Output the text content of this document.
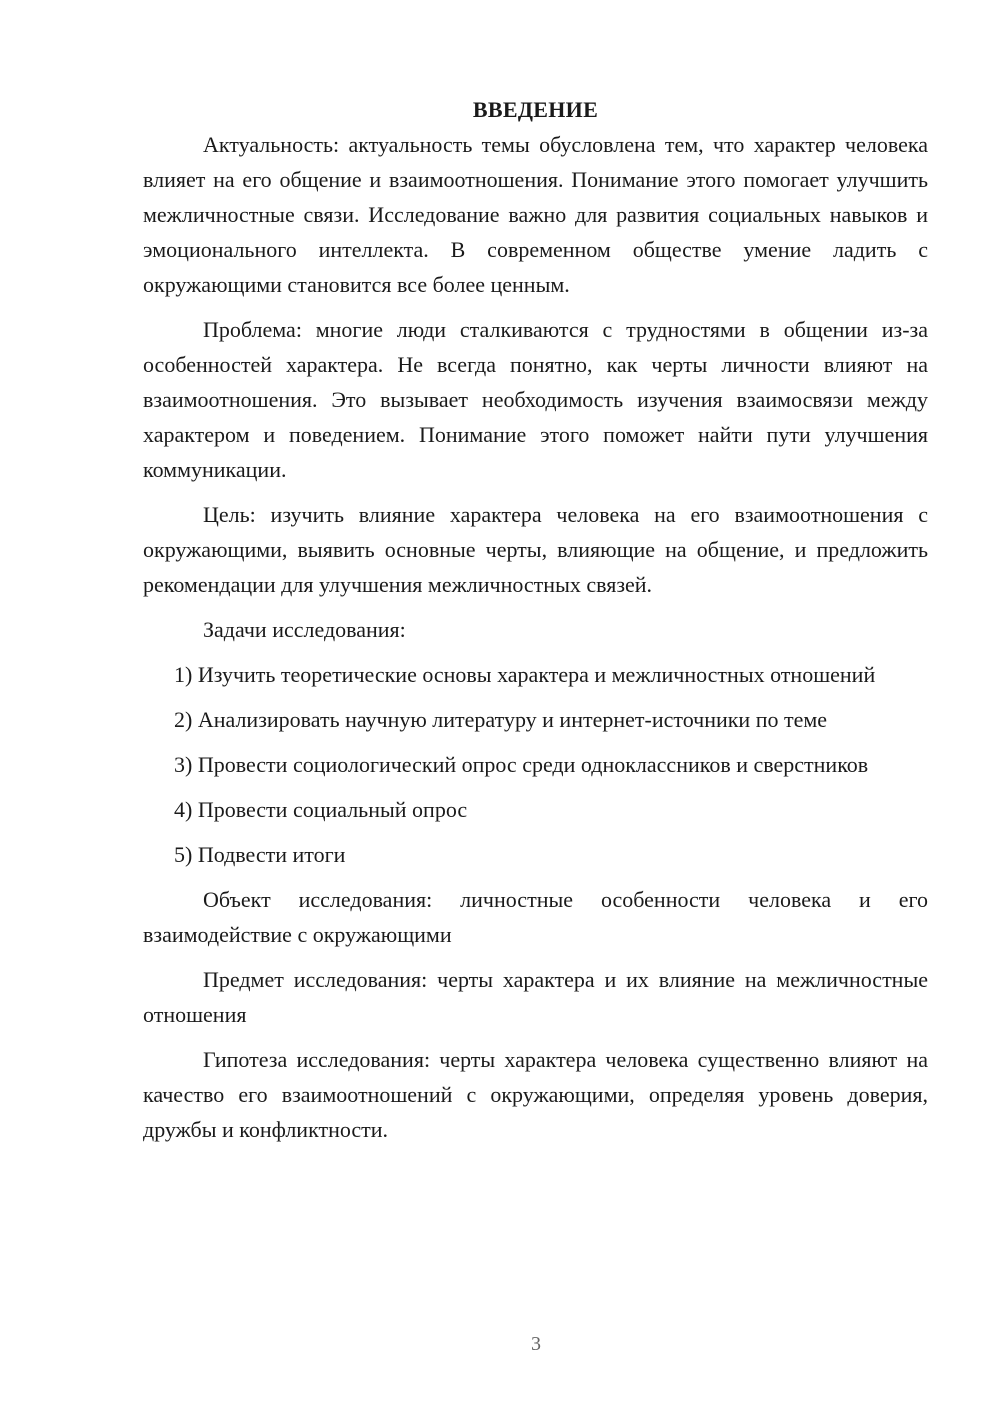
ВВЕДЕНИЕ

Актуальность: актуальность темы обусловлена тем, что характер человека влияет на его общение и взаимоотношения. Понимание этого помогает улучшить межличностные связи. Исследование важно для развития социальных навыков и эмоционального интеллекта. В современном обществе умение ладить с окружающими становится все более ценным.

Проблема: многие люди сталкиваются с трудностями в общении из-за особенностей характера. Не всегда понятно, как черты личности влияют на взаимоотношения. Это вызывает необходимость изучения взаимосвязи между характером и поведением. Понимание этого поможет найти пути улучшения коммуникации.

Цель: изучить влияние характера человека на его взаимоотношения с окружающими, выявить основные черты, влияющие на общение, и предложить рекомендации для улучшения межличностных связей.

Задачи исследования:

1) Изучить теоретические основы характера и межличностных отношений

2) Анализировать научную литературу и интернет-источники по теме

3) Провести социологический опрос среди одноклассников и сверстников

4) Провести социальный опрос

5) Подвести итоги

Объект исследования: личностные особенности человека и его взаимодействие с окружающими

Предмет исследования: черты характера и их влияние на межличностные отношения

Гипотеза исследования: черты характера человека существенно влияют на качество его взаимоотношений с окружающими, определяя уровень доверия, дружбы и конфликтности.

3
